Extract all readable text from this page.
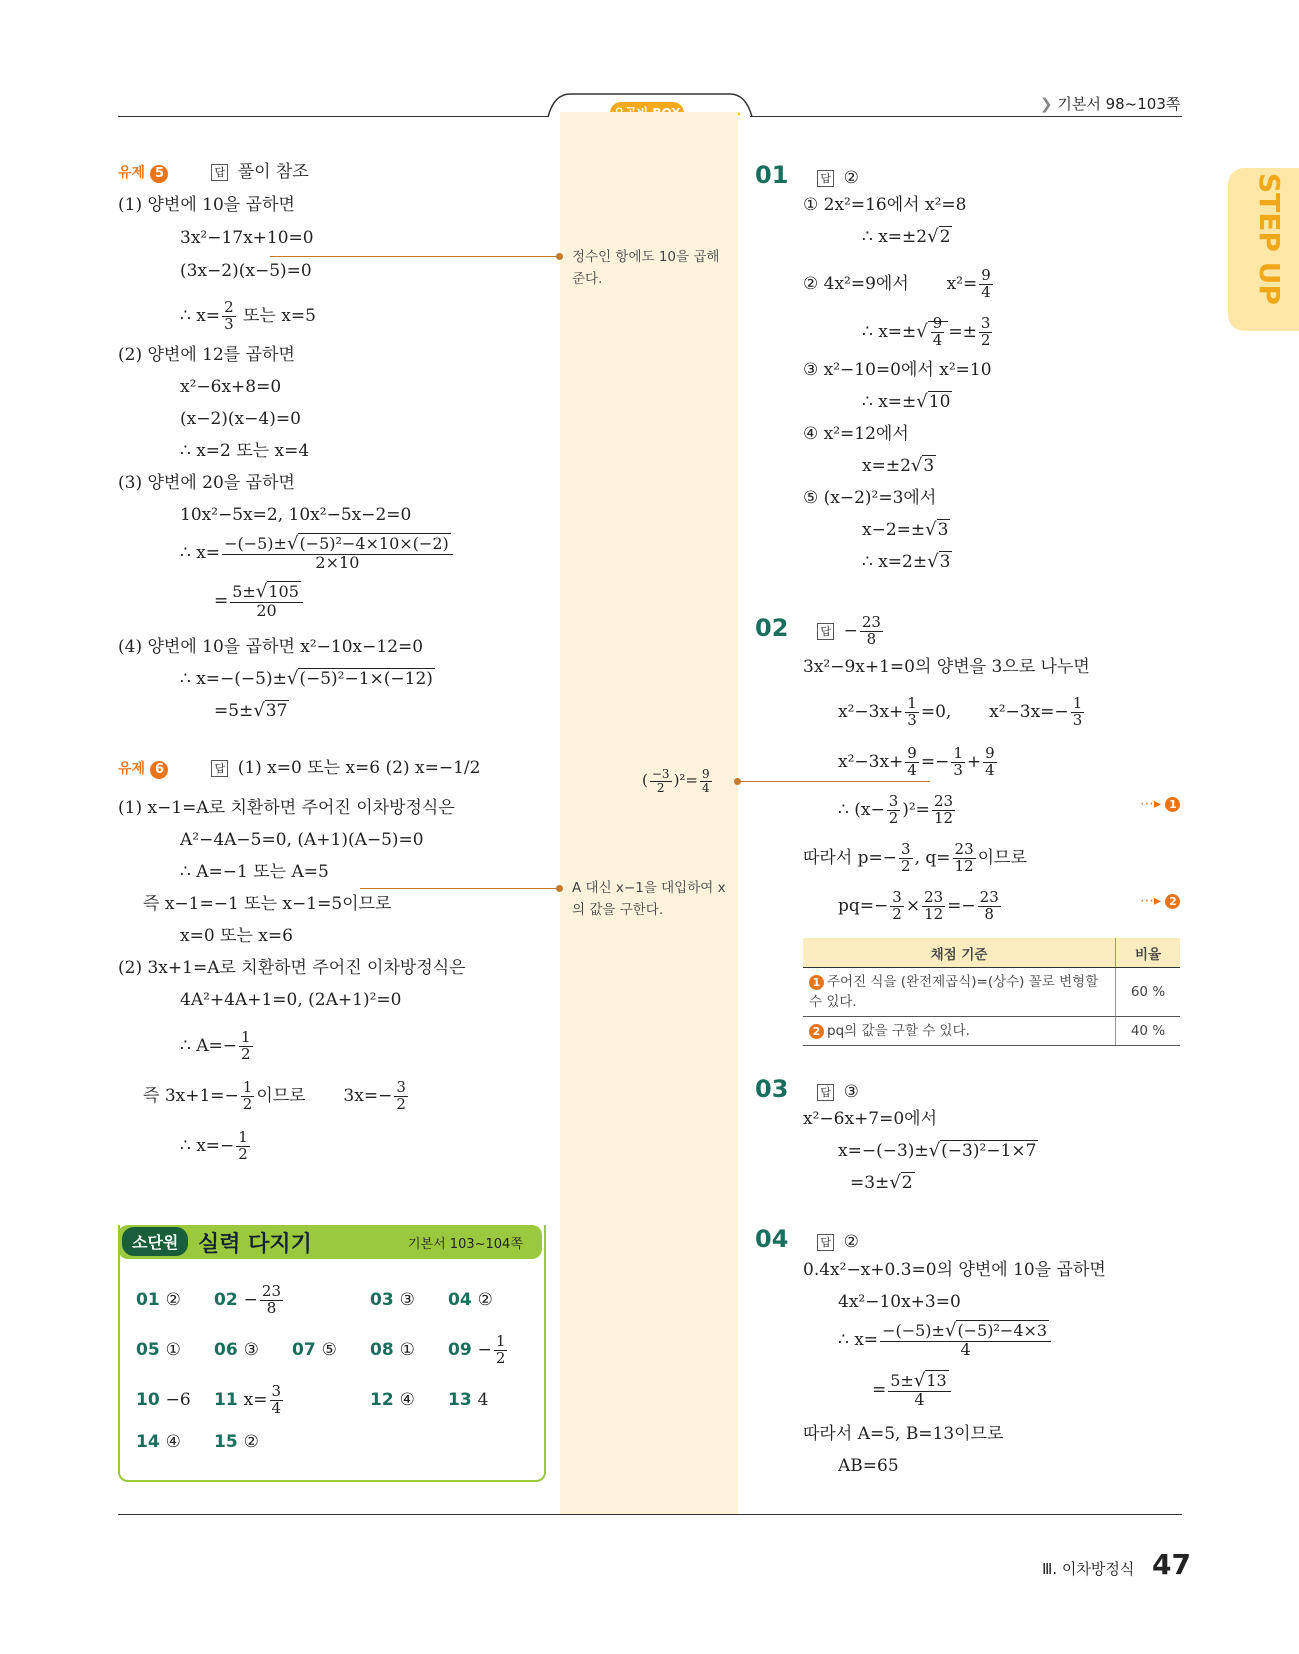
❯ 기본서 98~103쪽
STEP UP
유제 5	답 풀이 참조
(1) 양변에 10을 곱하면
3x²−17x+10=0
(3x−2)(x−5)=0
∴ $x= \frac{2}{3}$ 또는 x=5
(2) 양변에 12를 곱하면
x²−6x+8=0
(x−2)(x−4)=0
∴ x=2 또는 x=4
(3) 양변에 20을 곱하면
10x²−5x=2, 10x²−5x−2=0
∴ $x= \frac{\text{−(−5)±√(−5)²−4×10×(−2)}}{2\times 10}$
= $\frac{5\pm√105}{20}$
(4) 양변에 10을 곱하면 x²−10x−12=0
∴ x=−(−5)±√(−5)²−1×(−12)
=5±√37
유제 6	답 (1) x=0 또는 x=6 (2) x=−1/2
(1) x−1=A로 치환하면 주어진 이차방정식은
A²−4A−5=0, (A+1)(A−5)=0
∴ A=−1 또는 A=5
즉 x−1=−1 또는 x−1=5이므로
x=0 또는 x=6
(2) 3x+1=A로 치환하면 주어진 이차방정식은
4A²+4A+1=0, (2A+1)²=0
∴ $A=- \frac{1}{2}$
즉 $3x+1=- \frac{1}{2}$ 이므로       $3x=- \frac{3}{2}$
∴ $x=- \frac{1}{2}$
정수인 항에도 10을 곱해 준다.
( $\frac{-3}{2} )^2= \frac{9}{4}$
A 대신 x−1을 대입하여 x의 값을 구한다.
01	답 ②
① 2x²=16에서 x²=8
∴ x=±2√2
② 4x²=9에서       $x^2= \frac{9}{4}$
∴ $x=\pm√ \frac{9}{4} =\pm \frac{3}{2}$
③ x²−10=0에서 x²=10
∴ x=±√10
④ x²=12에서
x=±2√3
⑤ (x−2)²=3에서
x−2=±√3
∴ x=2±√3
02	답 − $\frac{23}{8}$
3x²−9x+1=0의 양변을 3으로 나누면
$x^2-3x+ \frac{1}{3} =0$,       $x^2-3x=- \frac{1}{3}$
$x^2-3x+ \frac{9}{4} =- \frac{1}{3} + \frac{9}{4}$
∴ $(x- \frac{3}{2} )^2= \frac{23}{12}$	⋯▸ 1
따라서 $p=- \frac{3}{2}$ , $q= \frac{23}{12}$ 이므로
$pq=- \frac{3}{2} \times \frac{23}{12} =- \frac{23}{8}$	⋯▸ 2
채점 기준	비율
1 주어진 식을 (완전제곱식)=(상수) 꼴로 변형할 수 있다.	60 %
2 pq의 값을 구할 수 있다.	40 %
03	답 ③
x²−6x+7=0에서
x=−(−3)±√(−3)²−1×7
=3±√2
04	답 ②
0.4x²−x+0.3=0의 양변에 10을 곱하면
4x²−10x+3=0
∴ $x= \frac{\text{−(−5)±√(−5)²−4×3}}{4}$
= $\frac{5\pm√13}{4}$
따라서 A=5, B=13이므로
AB=65
소단원 실력 다지기	기본서 103~104쪽
01 ② $02 - \frac{23}{8}$	03 ③ 04 ②
05 ① 06 ③ 07 ⑤ 08 ① $09 - \frac{1}{2}$
10 −6 11 $x= \frac{3}{4}$	12 ④ 13 4
14 ④ 15 ②
Ⅲ. 이차방정식 47
